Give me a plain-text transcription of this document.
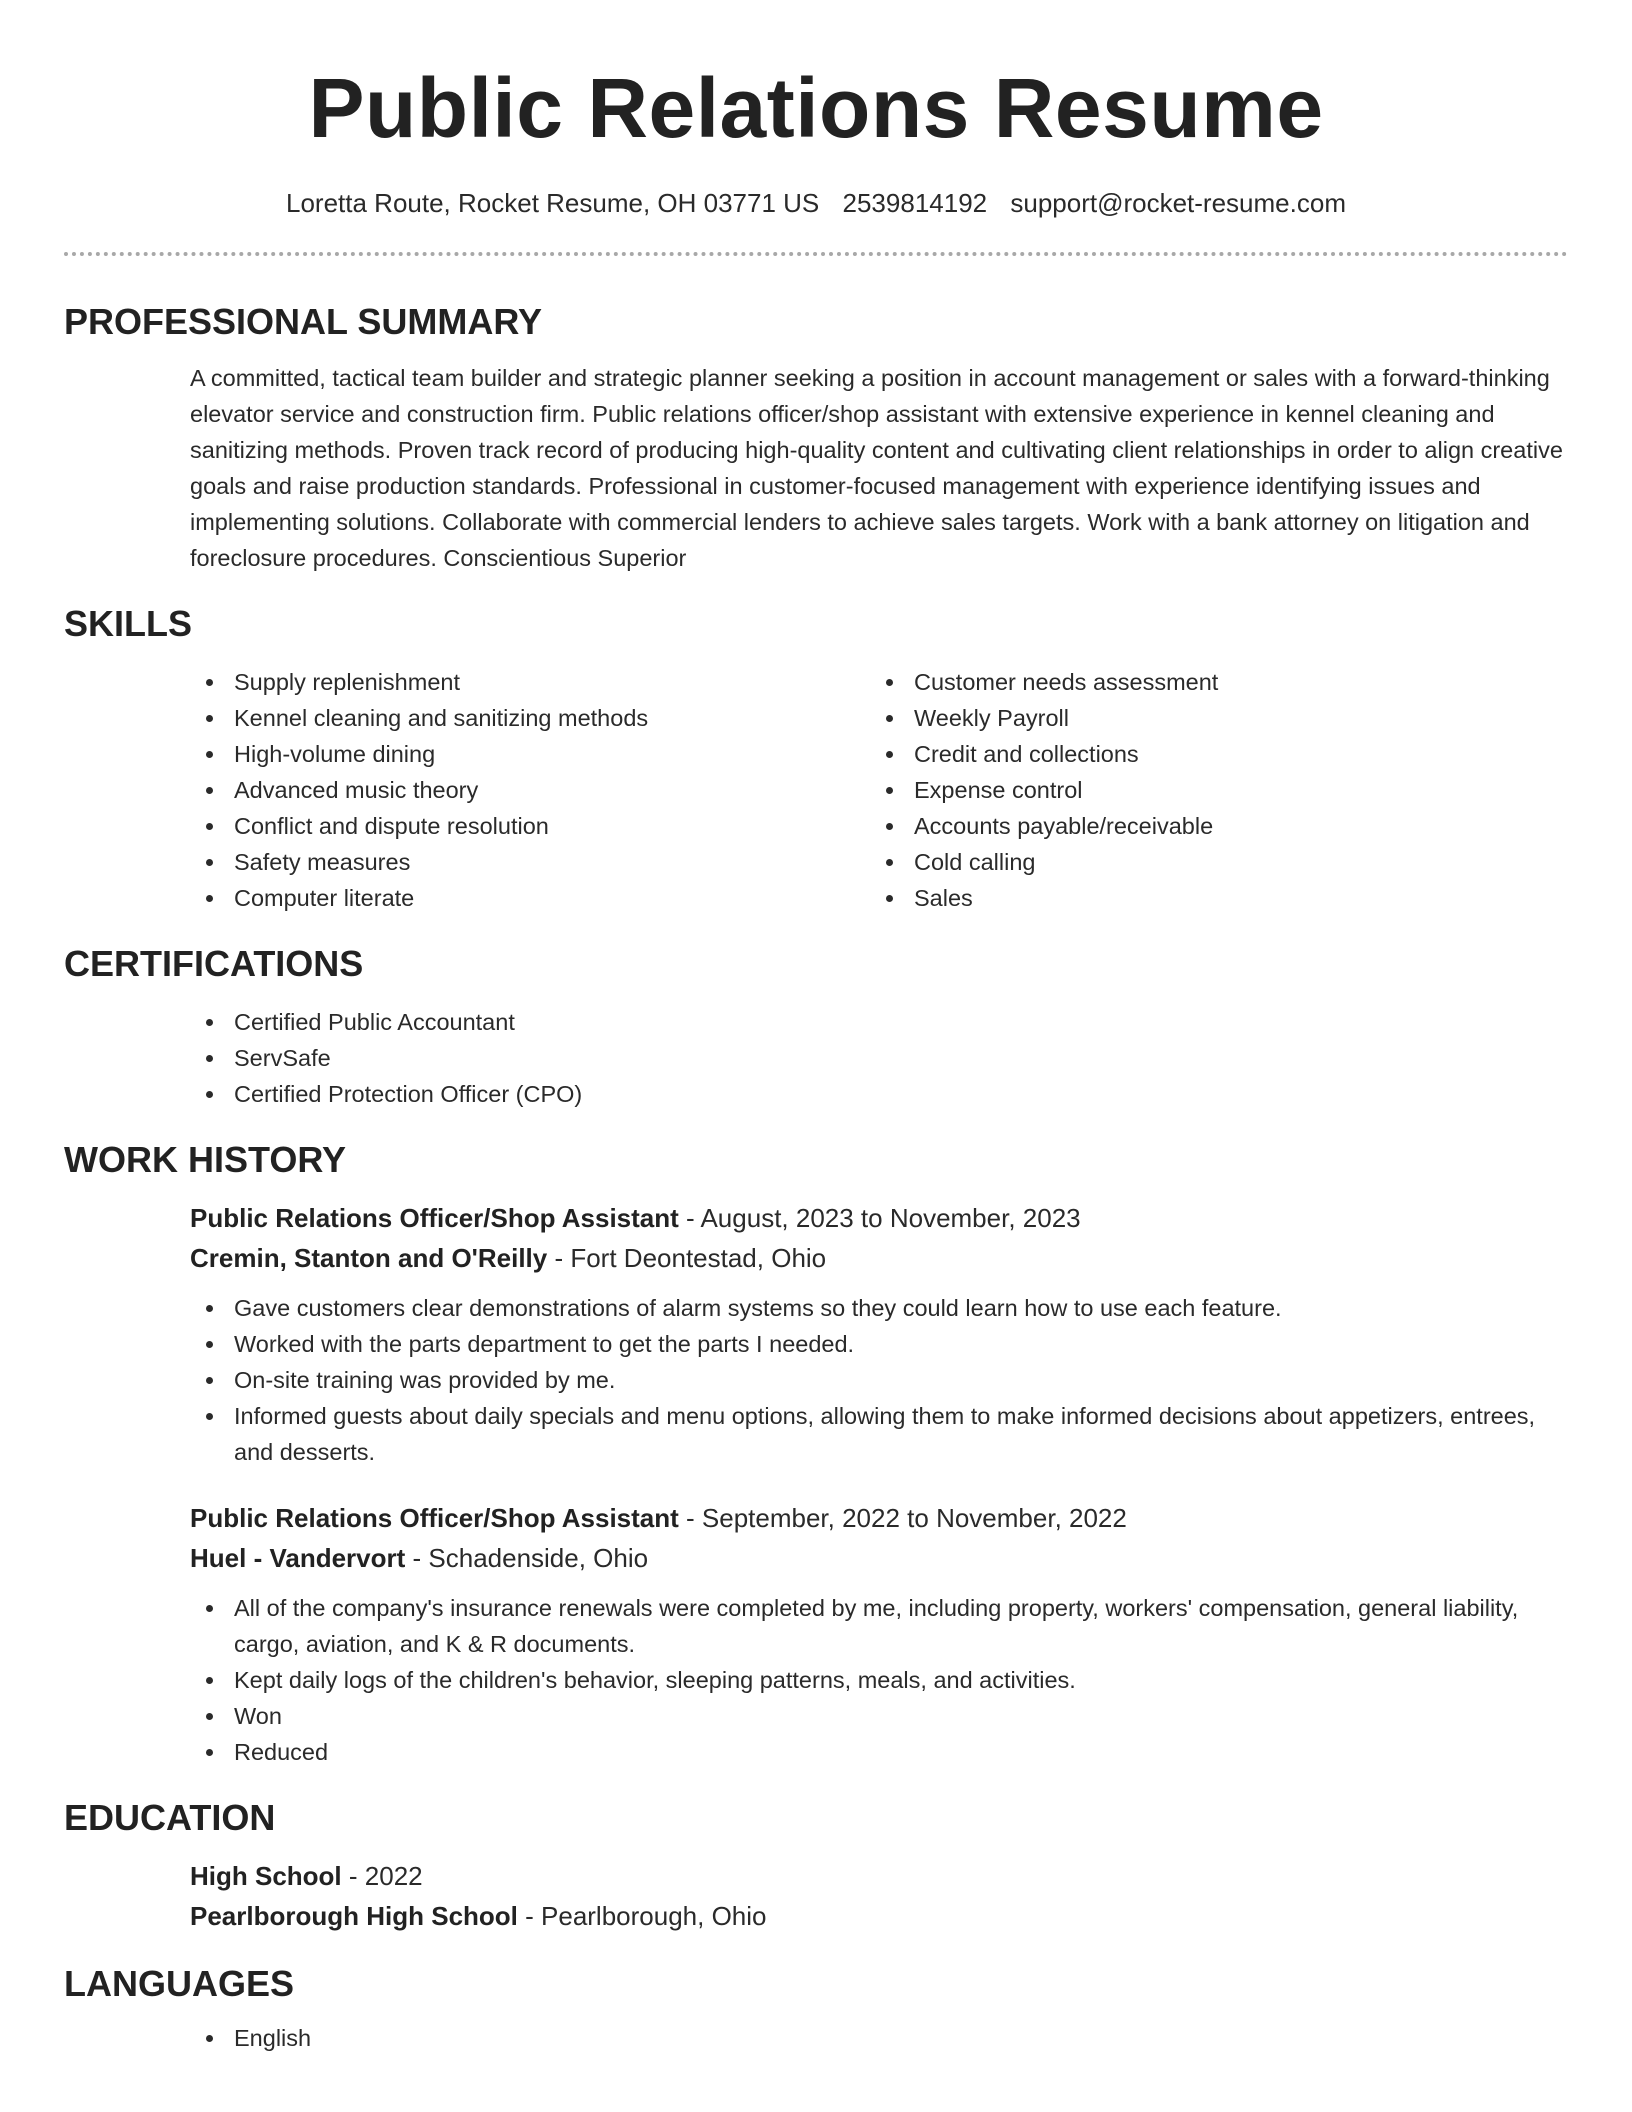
Public Relations Resume
Loretta Route, Rocket Resume, OH 03771 US 2539814192 support@rocket-resume.com
PROFESSIONAL SUMMARY

A committed, tactical team builder and strategic planner seeking a position in account management or sales with a forward-thinking elevator service and construction firm. Public relations officer/shop assistant with extensive experience in kennel cleaning and sanitizing methods. Proven track record of producing high-quality content and cultivating client relationships in order to align creative goals and raise production standards. Professional in customer-focused management with experience identifying issues and implementing solutions. Collaborate with commercial lenders to achieve sales targets. Work with a bank attorney on litigation and foreclosure procedures. Conscientious Superior

SKILLS
Supply replenishment
Kennel cleaning and sanitizing methods
High-volume dining
Advanced music theory
Conflict and dispute resolution
Safety measures
Computer literate
Customer needs assessment
Weekly Payroll
Credit and collections
Expense control
Accounts payable/receivable
Cold calling
Sales
CERTIFICATIONS
Certified Public Accountant
ServSafe
Certified Protection Officer (CPO)
WORK HISTORY
Public Relations Officer/Shop Assistant - August, 2023 to November, 2023
Cremin, Stanton and O'Reilly - Fort Deontestad, Ohio
Gave customers clear demonstrations of alarm systems so they could learn how to use each feature.
Worked with the parts department to get the parts I needed.
On-site training was provided by me.
Informed guests about daily specials and menu options, allowing them to make informed decisions about appetizers, entrees, and desserts.
Public Relations Officer/Shop Assistant - September, 2022 to November, 2022
Huel - Vandervort - Schadenside, Ohio
All of the company's insurance renewals were completed by me, including property, workers' compensation, general liability, cargo, aviation, and K & R documents.
Kept daily logs of the children's behavior, sleeping patterns, meals, and activities.
Won
Reduced
EDUCATION
High School - 2022
Pearlborough High School - Pearlborough, Ohio
LANGUAGES
English
